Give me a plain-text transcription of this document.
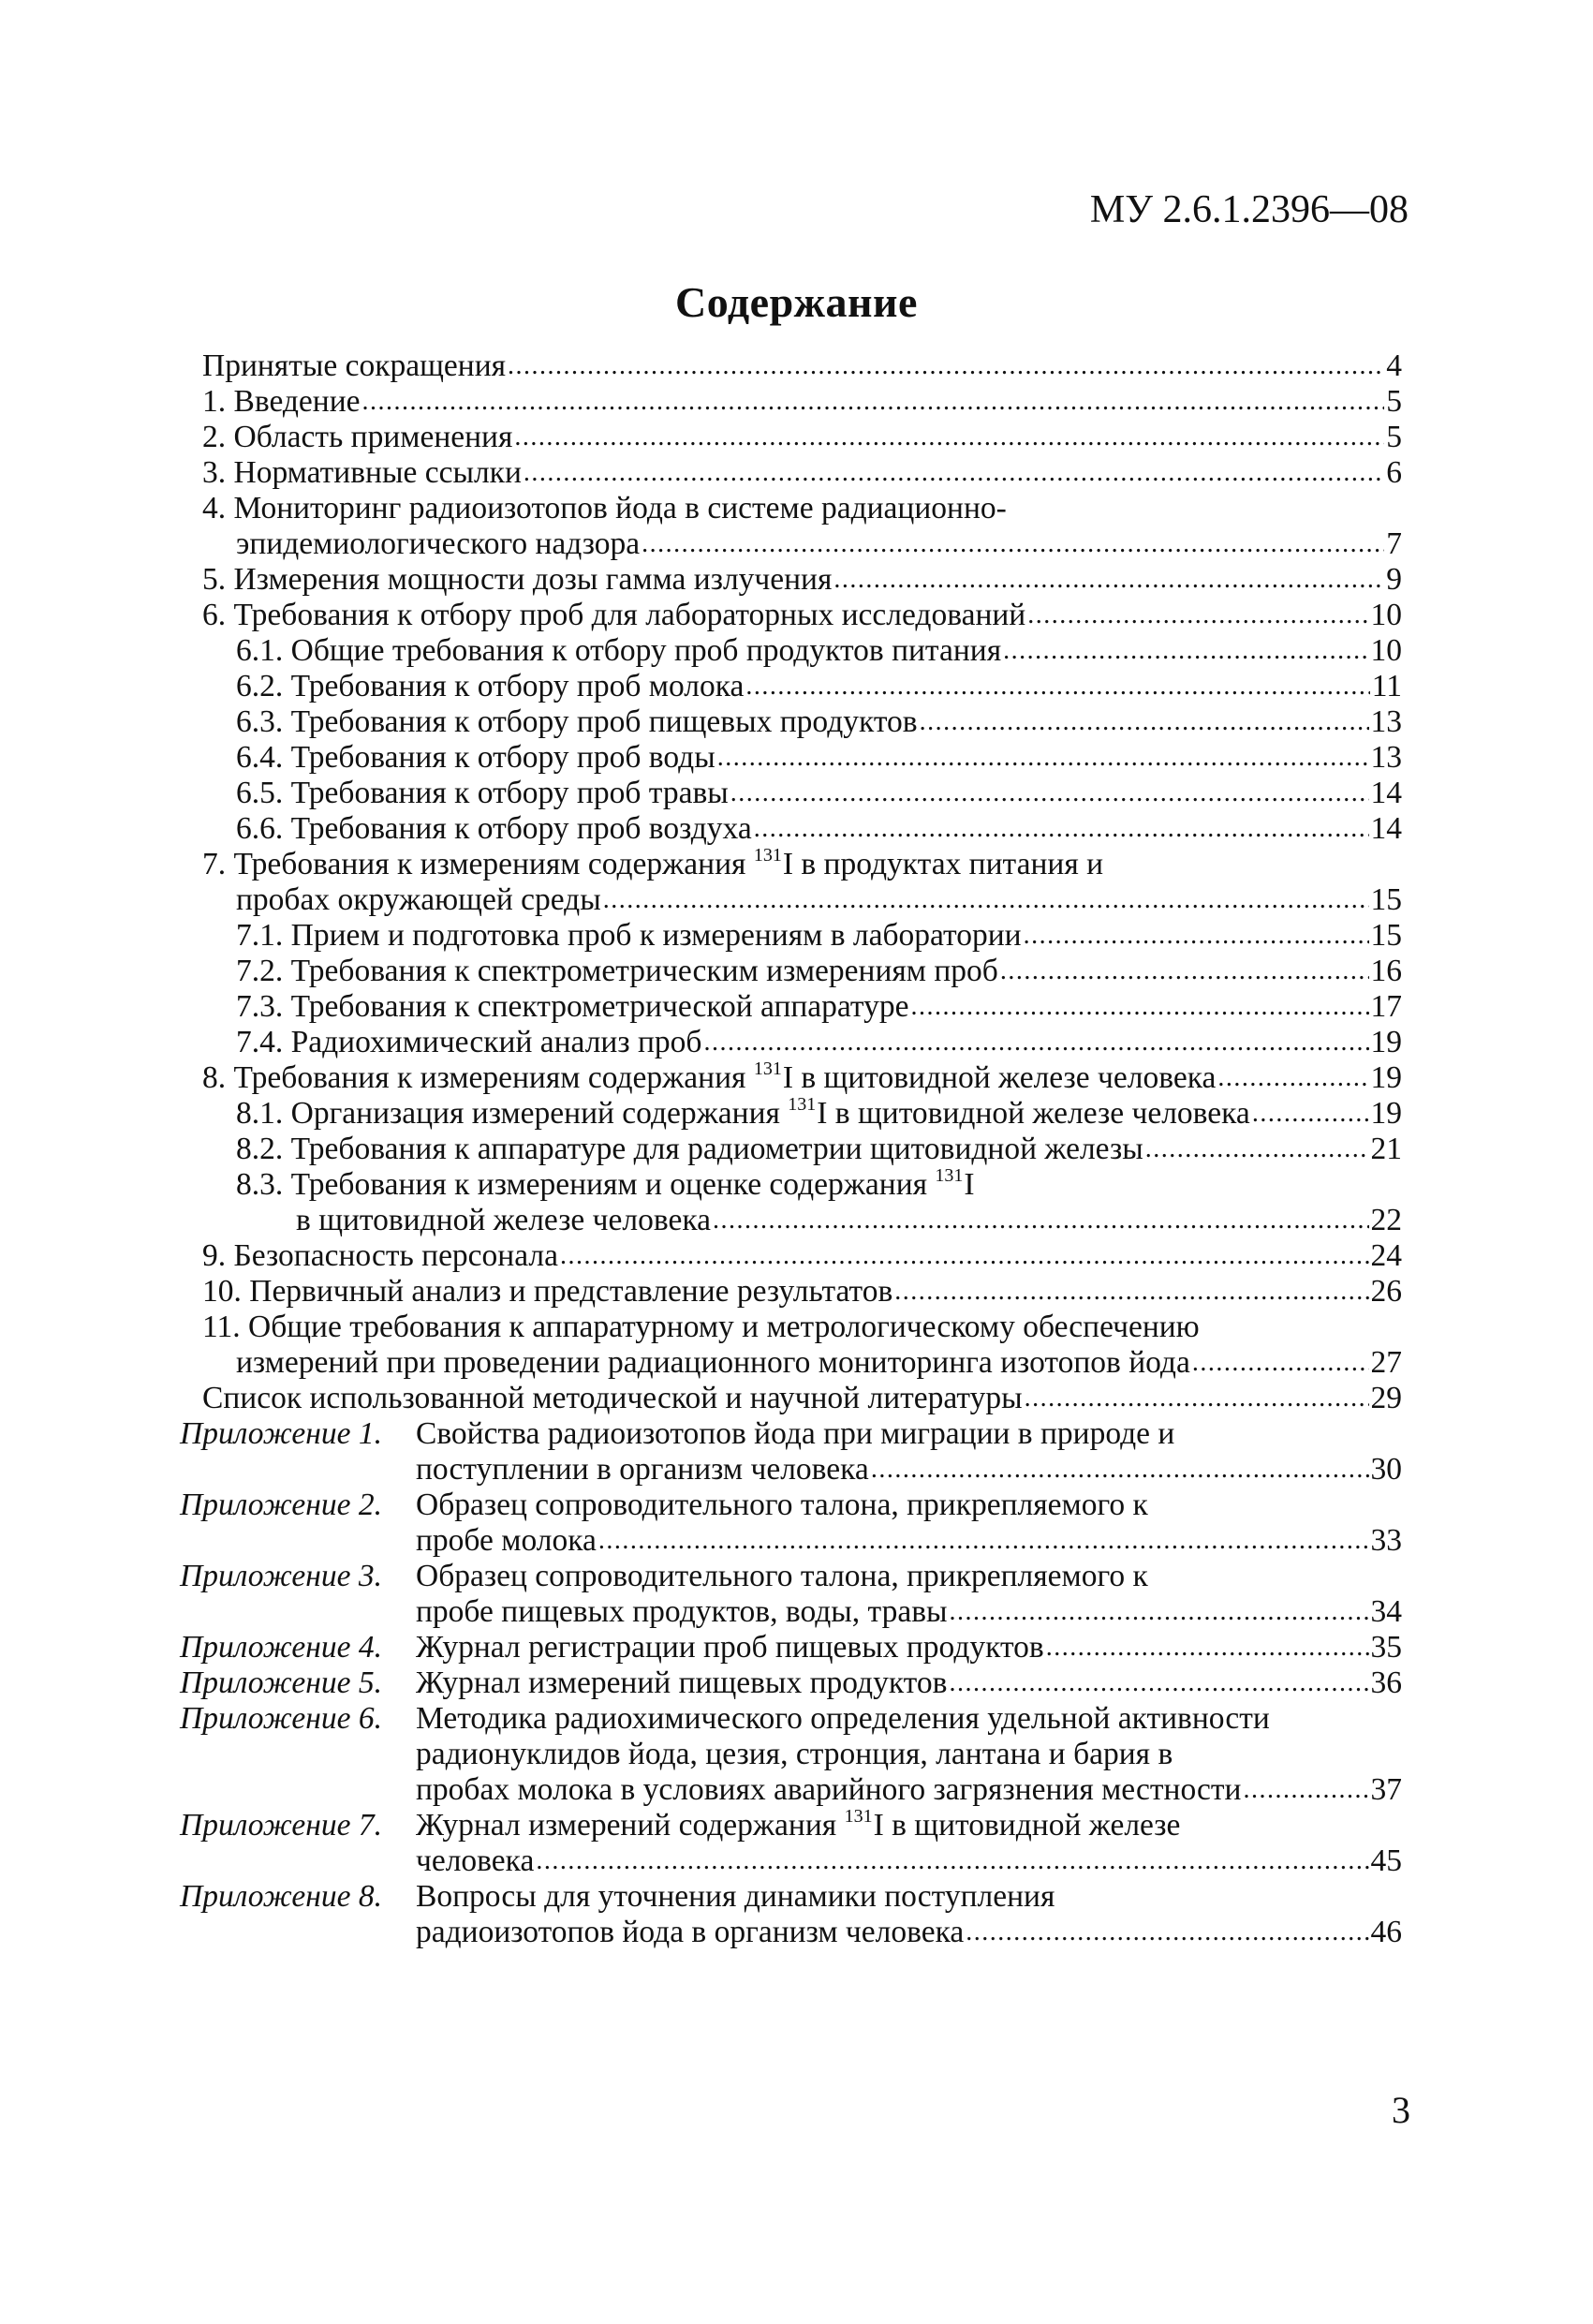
МУ 2.6.1.2396—08
Содержание
Принятые сокращения .....	4
1. Введение .....	5
2. Область применения .....	5
3. Нормативные ссылки .....	6
4. Мониторинг радиоизотопов йода в системе радиационно-
эпидемиологического надзора .....	7
5. Измерения мощности дозы гамма излучения .....	9
6. Требования к отбору проб для лабораторных исследований .....	10
6.1. Общие требования к отбору проб продуктов питания .....	10
6.2. Требования к отбору проб молока .....	11
6.3. Требования к отбору проб пищевых продуктов .....	13
6.4. Требования к отбору проб воды .....	13
6.5. Требования к отбору проб травы .....	14
6.6. Требования к отбору проб воздуха .....	14
7. Требования к измерениям содержания $^{131}$I в продуктах питания и
пробах окружающей среды .....	15
7.1. Прием и подготовка проб к измерениям в лаборатории .....	15
7.2. Требования к спектрометрическим измерениям проб .....	16
7.3. Требования к спектрометрической аппаратуре .....	17
7.4. Радиохимический анализ проб .....	19
8. Требования к измерениям содержания $^{131}$I в щитовидной железе человека .....	19
8.1. Организация измерений содержания $^{131}$I в щитовидной железе человека .....	19
8.2. Требования к аппаратуре для радиометрии щитовидной железы .....	21
8.3. Требования к измерениям и оценке содержания $^{131}$I
в щитовидной железе человека .....	22
9. Безопасность персонала .....	24
10. Первичный анализ и представление результатов .....	26
11. Общие требования к аппаратурному и метрологическому обеспечению
измерений при проведении радиационного мониторинга изотопов йода .....	27
Список использованной методической и научной литературы .....	29
Приложение 1.	Свойства радиоизотопов йода при миграции в природе и
поступлении в организм человека .....	30
Приложение 2.	Образец сопроводительного талона, прикрепляемого к
пробе молока .....	33
Приложение 3.	Образец сопроводительного талона, прикрепляемого к
пробе пищевых продуктов, воды, травы .....	34
Приложение 4.	Журнал регистрации проб пищевых продуктов .....	35
Приложение 5.	Журнал измерений пищевых продуктов .....	36
Приложение 6.	Методика радиохимического определения удельной активности
радионуклидов йода, цезия, стронция, лантана и бария в
пробах молока в условиях аварийного загрязнения местности .....	37
Приложение 7.	Журнал измерений содержания $^{131}$I в щитовидной железе
человека .....	45
Приложение 8.	Вопросы для уточнения динамики поступления
радиоизотопов йода в организм человека .....	46
3
